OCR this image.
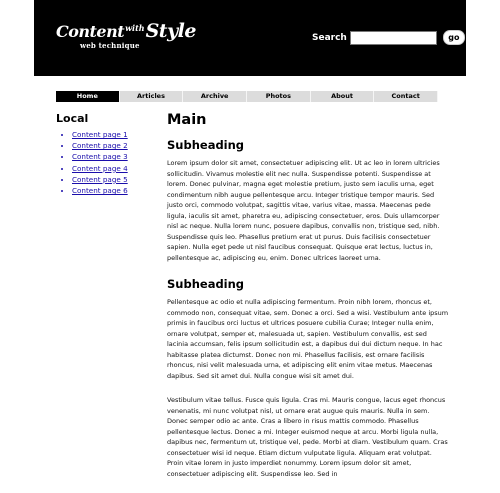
Content$^{with}$Style
web technique
Search	go
Home	Articles	Archive	Photos	About	Contact
Local
• Content page 1
• Content page 2
• Content page 3
• Content page 4
• Content page 5
• Content page 6
Main
Subheading

Lorem ipsum dolor sit amet, consectetuer adipiscing elit. Ut ac leo in lorem ultricies sollicitudin. Vivamus molestie elit nec nulla. Suspendisse potenti. Suspendisse at lorem. Donec pulvinar, magna eget molestie pretium, justo sem iaculis urna, eget condimentum nibh augue pellentesque arcu. Integer tristique tempor mauris. Sed justo orci, commodo volutpat, sagittis vitae, varius vitae, massa. Maecenas pede ligula, iaculis sit amet, pharetra eu, adipiscing consectetuer, eros. Duis ullamcorper nisl ac neque. Nulla lorem nunc, posuere dapibus, convallis non, tristique sed, nibh. Suspendisse quis leo. Phasellus pretium erat ut purus. Duis facilisis consectetuer sapien. Nulla eget pede ut nisl faucibus consequat. Quisque erat lectus, luctus in, pellentesque ac, adipiscing eu, enim. Donec ultrices laoreet urna.

Subheading

Pellentesque ac odio et nulla adipiscing fermentum. Proin nibh lorem, rhoncus et, commodo non, consequat vitae, sem. Donec a orci. Sed a wisi. Vestibulum ante ipsum primis in faucibus orci luctus et ultrices posuere cubilia Curae; Integer nulla enim, ornare volutpat, semper et, malesuada ut, sapien. Vestibulum convallis, est sed lacinia accumsan, felis ipsum sollicitudin est, a dapibus dui dui dictum neque. In hac habitasse platea dictumst. Donec non mi. Phasellus facilisis, est ornare facilisis rhoncus, nisi velit malesuada urna, et adipiscing elit enim vitae metus. Maecenas dapibus. Sed sit amet dui. Nulla congue wisi sit amet dui.

Vestibulum vitae tellus. Fusce quis ligula. Cras mi. Mauris congue, lacus eget rhoncus venenatis, mi nunc volutpat nisl, ut ornare erat augue quis mauris. Nulla in sem. Donec semper odio ac ante. Cras a libero in risus mattis commodo. Phasellus pellentesque lectus. Donec a mi. Integer euismod neque at arcu. Morbi ligula nulla, dapibus nec, fermentum ut, tristique vel, pede. Morbi at diam. Vestibulum quam. Cras consectetuer wisi id neque. Etiam dictum vulputate ligula. Aliquam erat volutpat. Proin vitae lorem in justo imperdiet nonummy. Lorem ipsum dolor sit amet, consectetuer adipiscing elit. Suspendisse leo. Sed in
